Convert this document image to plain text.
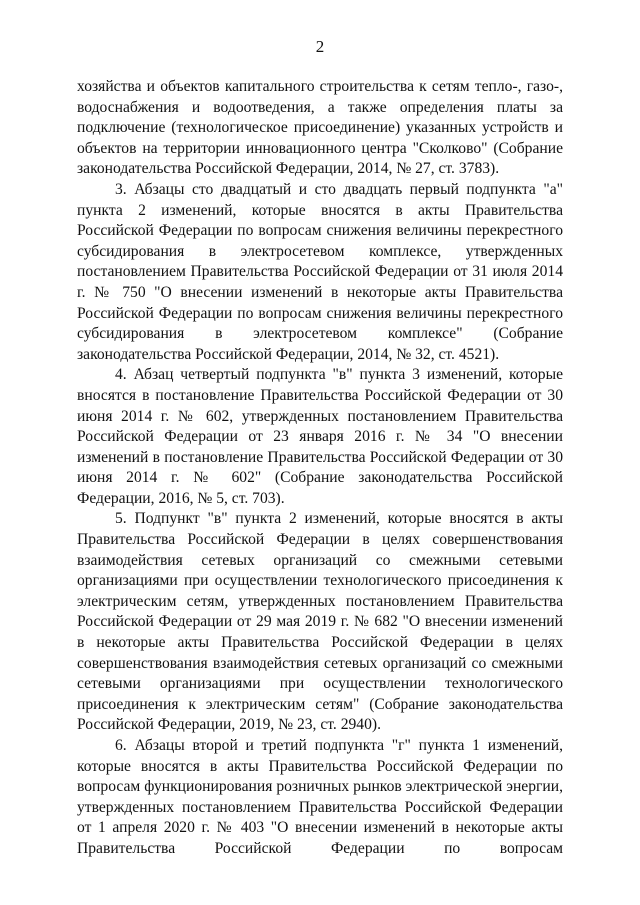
2

хозяйства и объектов капитального строительства к сетям тепло-, газо-, водоснабжения и водоотведения, а также определения платы за подключение (технологическое присоединение) указанных устройств и объектов на территории инновационного центра "Сколково" (Собрание законодательства Российской Федерации, 2014, № 27, ст. 3783).

3. Абзацы сто двадцатый и сто двадцать первый подпункта "а" пункта 2 изменений, которые вносятся в акты Правительства Российской Федерации по вопросам снижения величины перекрестного субсидирования в электросетевом комплексе, утвержденных постановлением Правительства Российской Федерации от 31 июля 2014 г. № 750 "О внесении изменений в некоторые акты Правительства Российской Федерации по вопросам снижения величины перекрестного субсидирования в электросетевом комплексе" (Собрание законодательства Российской Федерации, 2014, № 32, ст. 4521).

4. Абзац четвертый подпункта "в" пункта 3 изменений, которые вносятся в постановление Правительства Российской Федерации от 30 июня 2014 г. № 602, утвержденных постановлением Правительства Российской Федерации от 23 января 2016 г. № 34 "О внесении изменений в постановление Правительства Российской Федерации от 30 июня 2014 г. № 602" (Собрание законодательства Российской Федерации, 2016, № 5, ст. 703).

5. Подпункт "в" пункта 2 изменений, которые вносятся в акты Правительства Российской Федерации в целях совершенствования взаимодействия сетевых организаций со смежными сетевыми организациями при осуществлении технологического присоединения к электрическим сетям, утвержденных постановлением Правительства Российской Федерации от 29 мая 2019 г. № 682 "О внесении изменений в некоторые акты Правительства Российской Федерации в целях совершенствования взаимодействия сетевых организаций со смежными сетевыми организациями при осуществлении технологического присоединения к электрическим сетям" (Собрание законодательства Российской Федерации, 2019, № 23, ст. 2940).

6. Абзацы второй и третий подпункта "г" пункта 1 изменений, которые вносятся в акты Правительства Российской Федерации по вопросам функционирования розничных рынков электрической энергии, утвержденных постановлением Правительства Российской Федерации от 1 апреля 2020 г. № 403 "О внесении изменений в некоторые акты Правительства Российской Федерации по вопросам
